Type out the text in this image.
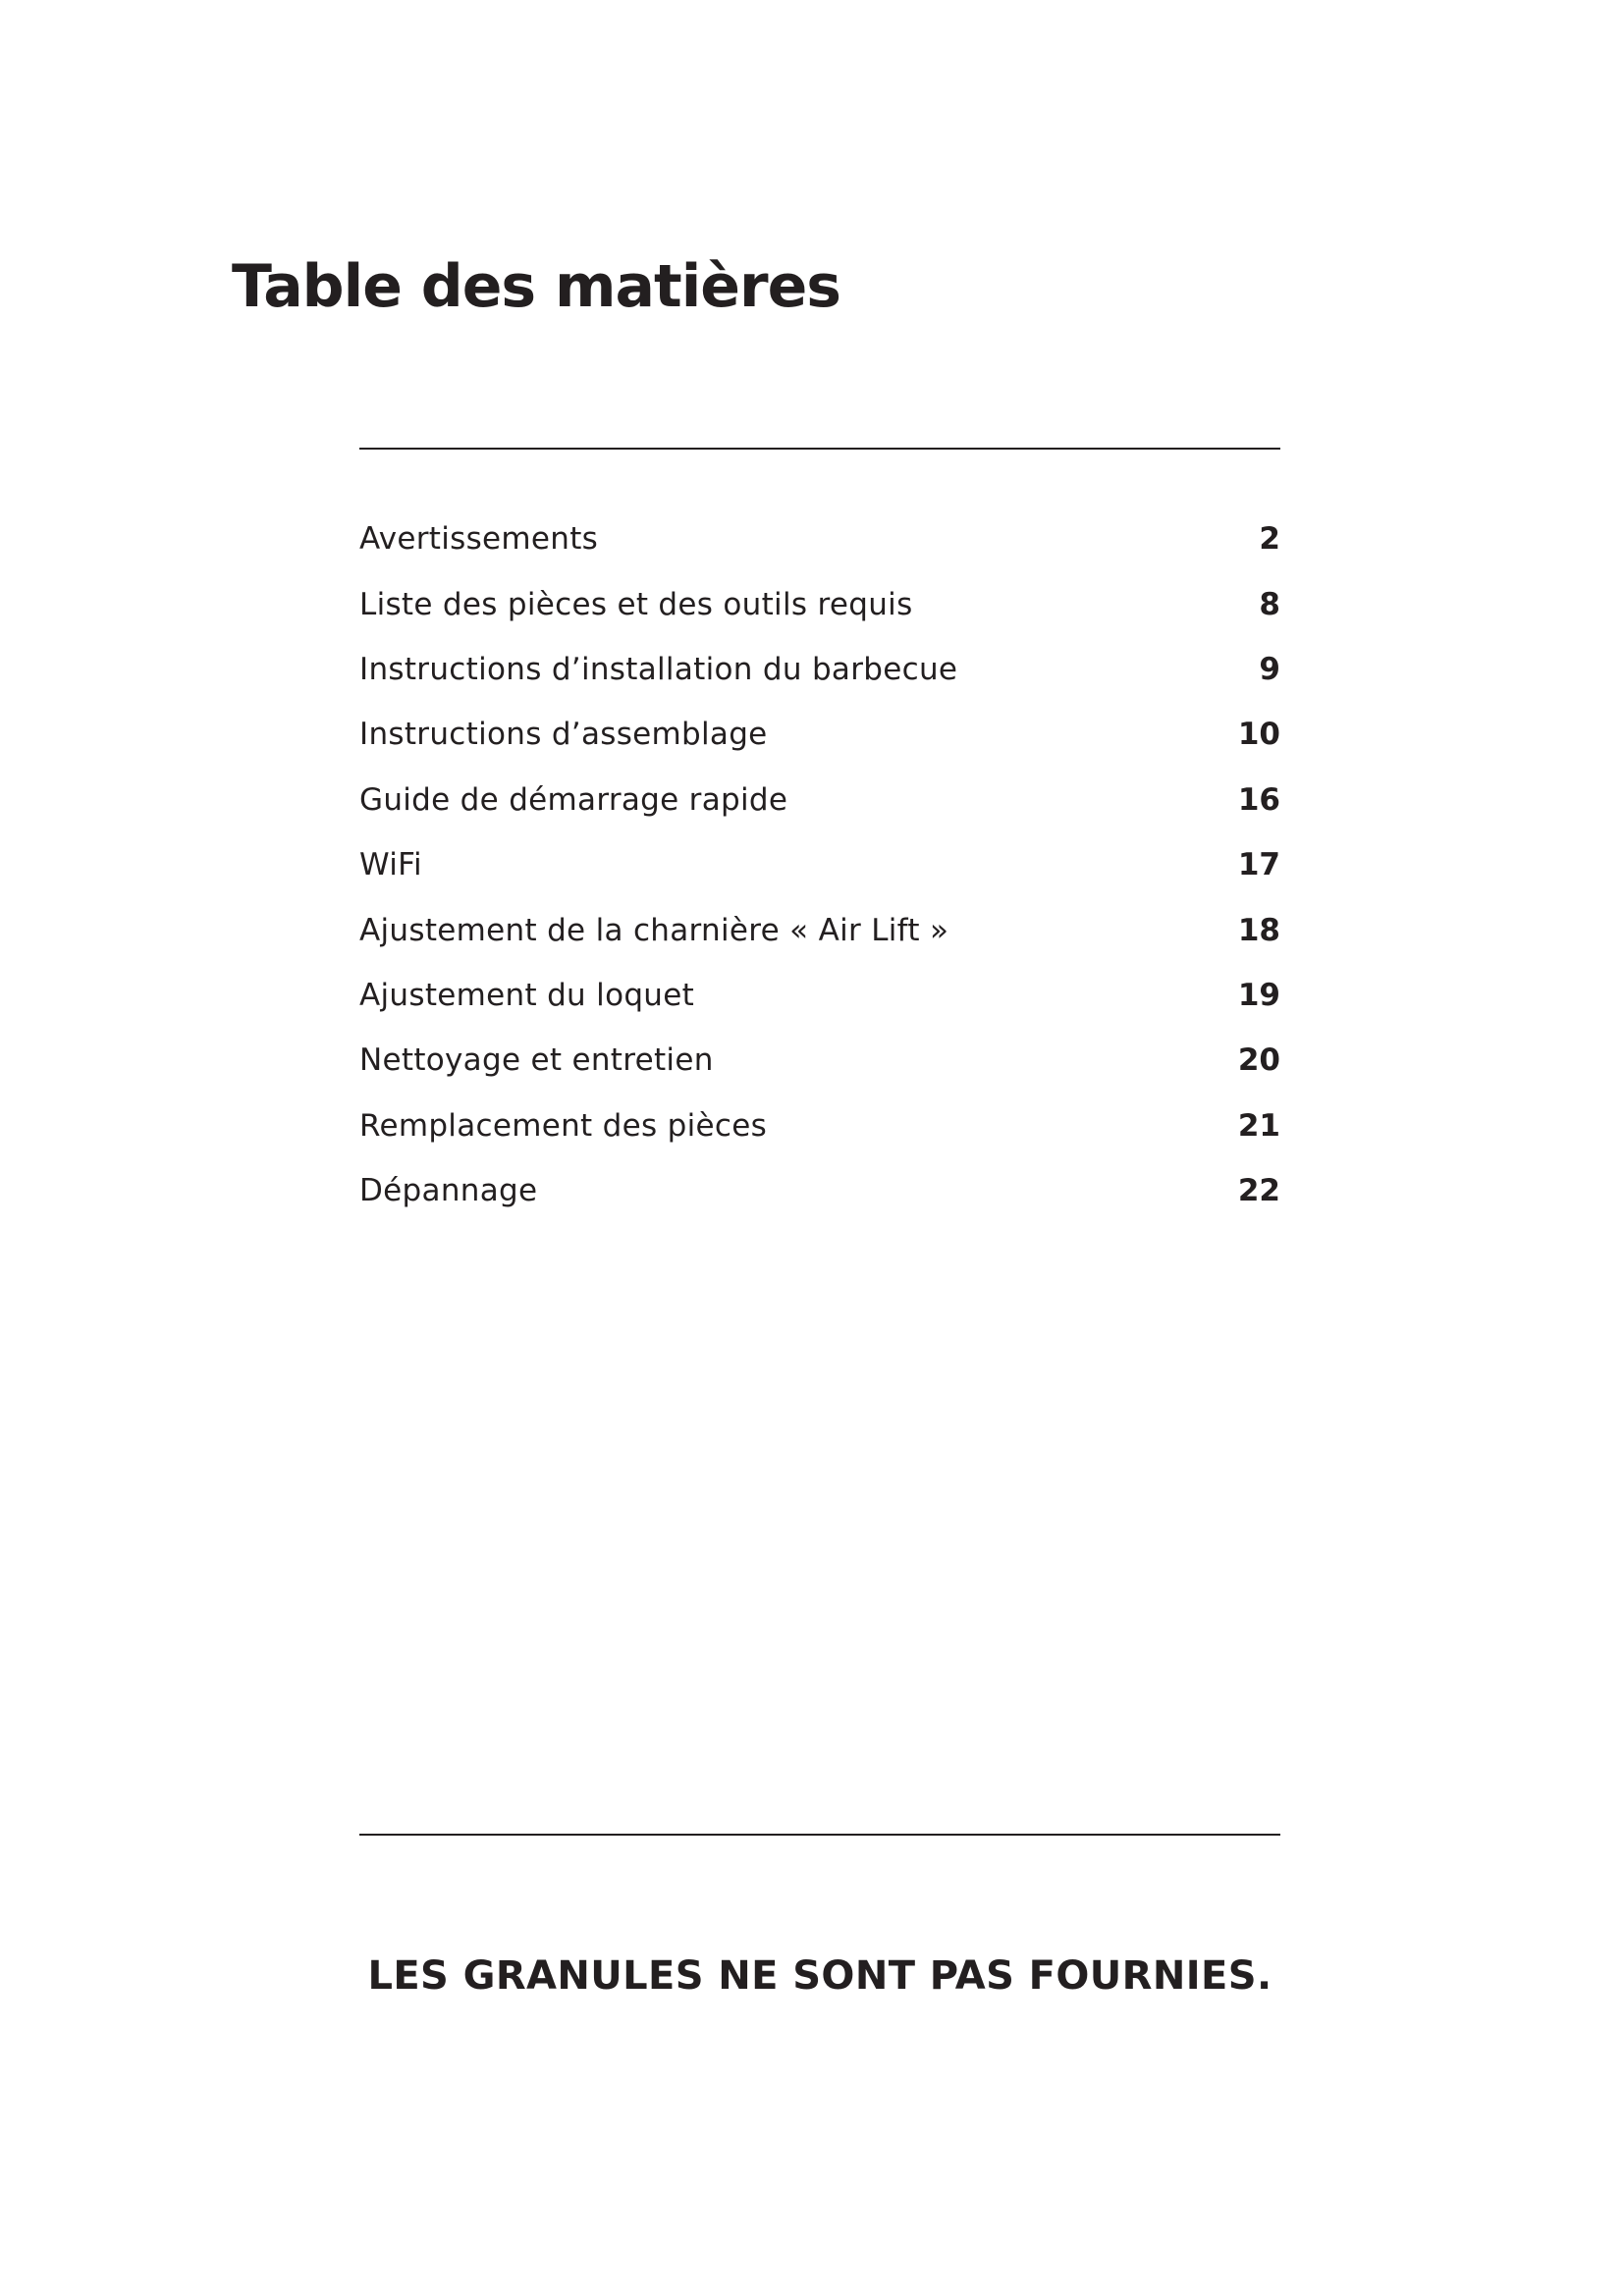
Table des matières
Avertissements	2
Liste des pièces et des outils requis	8
Instructions d’installation du barbecue	9
Instructions d’assemblage	10
Guide de démarrage rapide	16
WiFi	17
Ajustement de la charnière « Air Lift »	18
Ajustement du loquet	19
Nettoyage et entretien	20
Remplacement des pièces	21
Dépannage	22

LES GRANULES NE SONT PAS FOURNIES.
